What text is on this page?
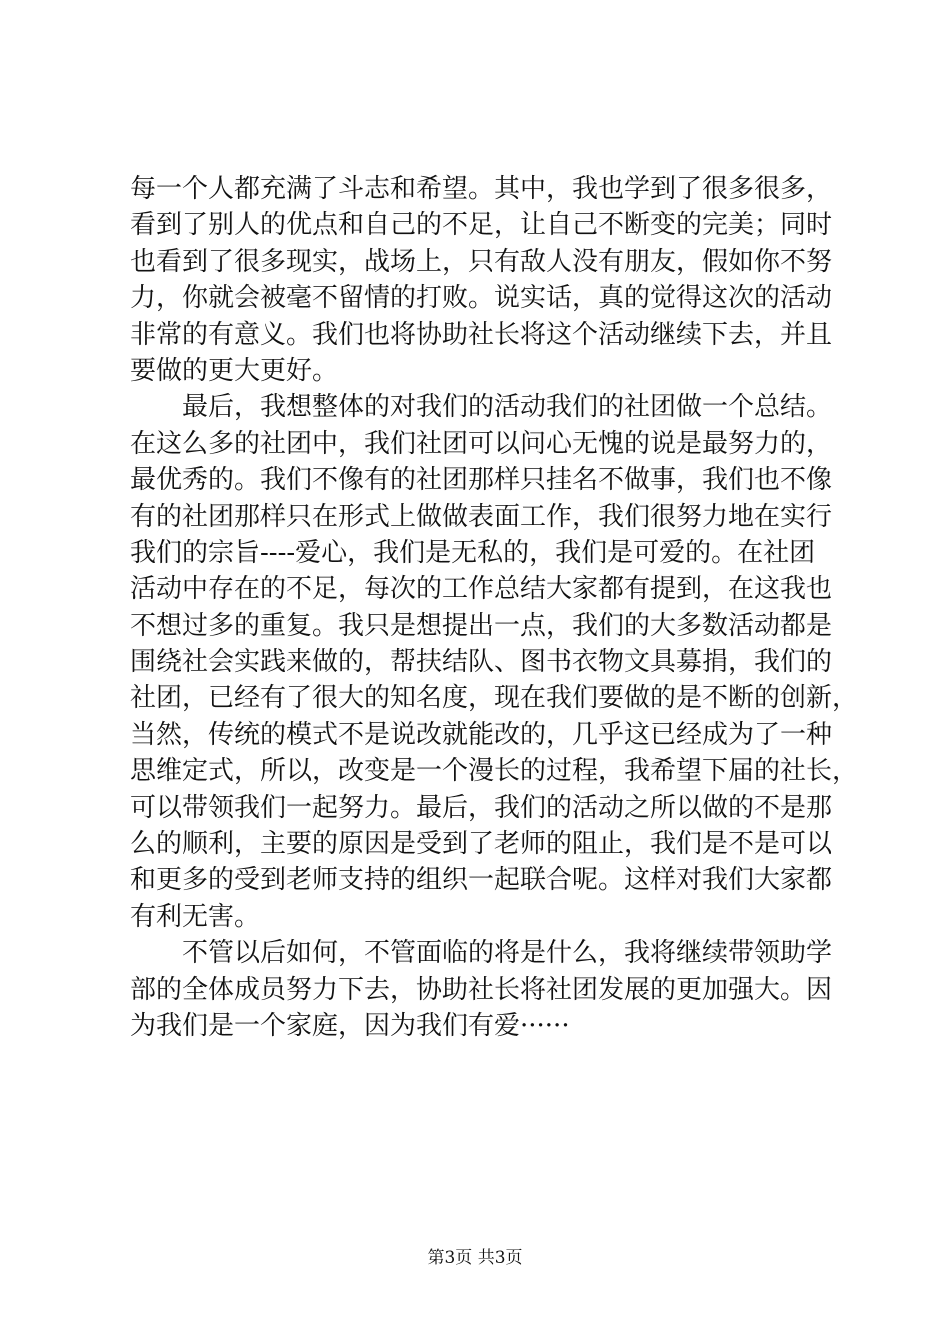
每一个人都充满了斗志和希望。其中，我也学到了很多很多，
看到了别人的优点和自己的不足，让自己不断变的完美；同时
也看到了很多现实，战场上，只有敌人没有朋友，假如你不努
力，你就会被毫不留情的打败。说实话，真的觉得这次的活动
非常的有意义。我们也将协助社长将这个活动继续下去，并且
要做的更大更好。
最后，我想整体的对我们的活动我们的社团做一个总结。
在这么多的社团中，我们社团可以问心无愧的说是最努力的，
最优秀的。我们不像有的社团那样只挂名不做事，我们也不像
有的社团那样只在形式上做做表面工作，我们很努力地在实行
我们的宗旨----爱心，我们是无私的，我们是可爱的。在社团
活动中存在的不足，每次的工作总结大家都有提到，在这我也
不想过多的重复。我只是想提出一点，我们的大多数活动都是
围绕社会实践来做的，帮扶结队、图书衣物文具募捐，我们的
社团，已经有了很大的知名度，现在我们要做的是不断的创新，
当然，传统的模式不是说改就能改的，几乎这已经成为了一种
思维定式，所以，改变是一个漫长的过程，我希望下届的社长，
可以带领我们一起努力。最后，我们的活动之所以做的不是那
么的顺利，主要的原因是受到了老师的阻止，我们是不是可以
和更多的受到老师支持的组织一起联合呢。这样对我们大家都
有利无害。
不管以后如何，不管面临的将是什么，我将继续带领助学
部的全体成员努力下去，协助社长将社团发展的更加强大。因
为我们是一个家庭，因为我们有爱······
第3页 共3页
